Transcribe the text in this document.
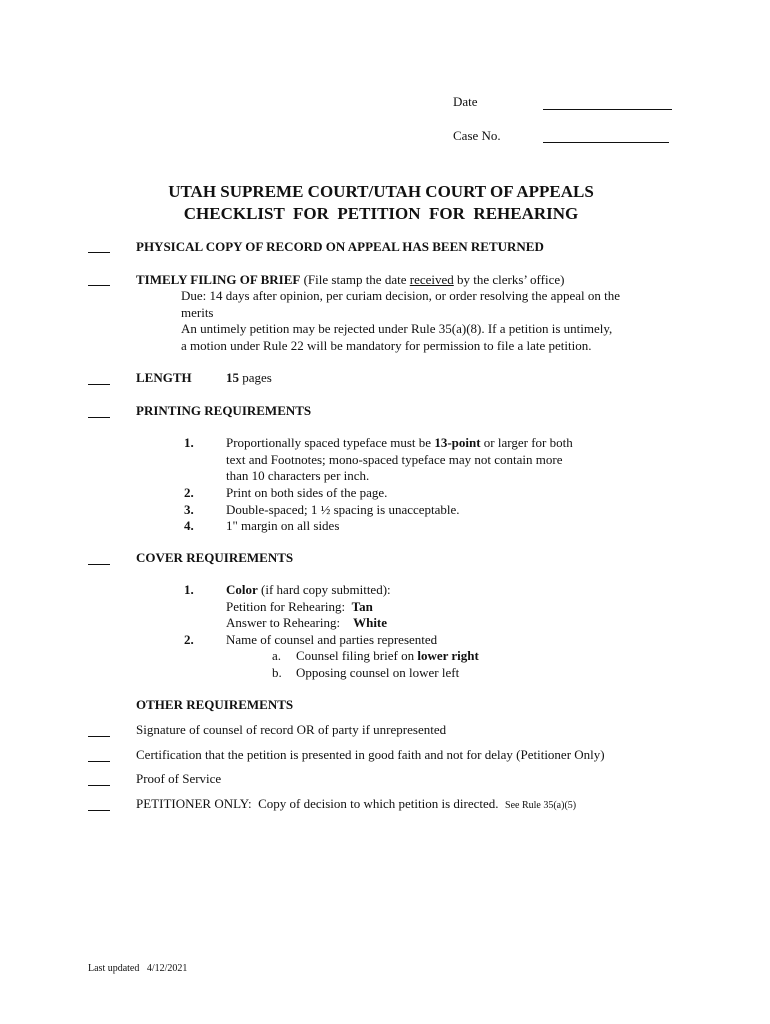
Date
Case No.
UTAH SUPREME COURT/UTAH COURT OF APPEALS
CHECKLIST  FOR  PETITION  FOR  REHEARING
PHYSICAL COPY OF RECORD ON APPEAL HAS BEEN RETURNED
TIMELY FILING OF BRIEF (File stamp the date received by the clerks’ office)
Due: 14 days after opinion, per curiam decision, or order resolving the appeal on the
merits
An untimely petition may be rejected under Rule 35(a)(8). If a petition is untimely,
a motion under Rule 22 will be mandatory for permission to file a late petition.
LENGTH	15 pages
PRINTING REQUIREMENTS
1. Proportionally spaced typeface must be 13-point or larger for both
text and Footnotes; mono-spaced typeface may not contain more
than 10 characters per inch.
2. Print on both sides of the page.
3. Double-spaced; 1 ½ spacing is unacceptable.
4. 1" margin on all sides
COVER REQUIREMENTS
1. Color (if hard copy submitted):
Petition for Rehearing:  Tan
Answer to Rehearing:    White
2. Name of counsel and parties represented
a. Counsel filing brief on lower right
b. Opposing counsel on lower left
OTHER REQUIREMENTS
Signature of counsel of record OR of party if unrepresented
Certification that the petition is presented in good faith and not for delay (Petitioner Only)
Proof of Service
PETITIONER ONLY:  Copy of decision to which petition is directed. See Rule 35(a)(5)
Last updated   4/12/2021
